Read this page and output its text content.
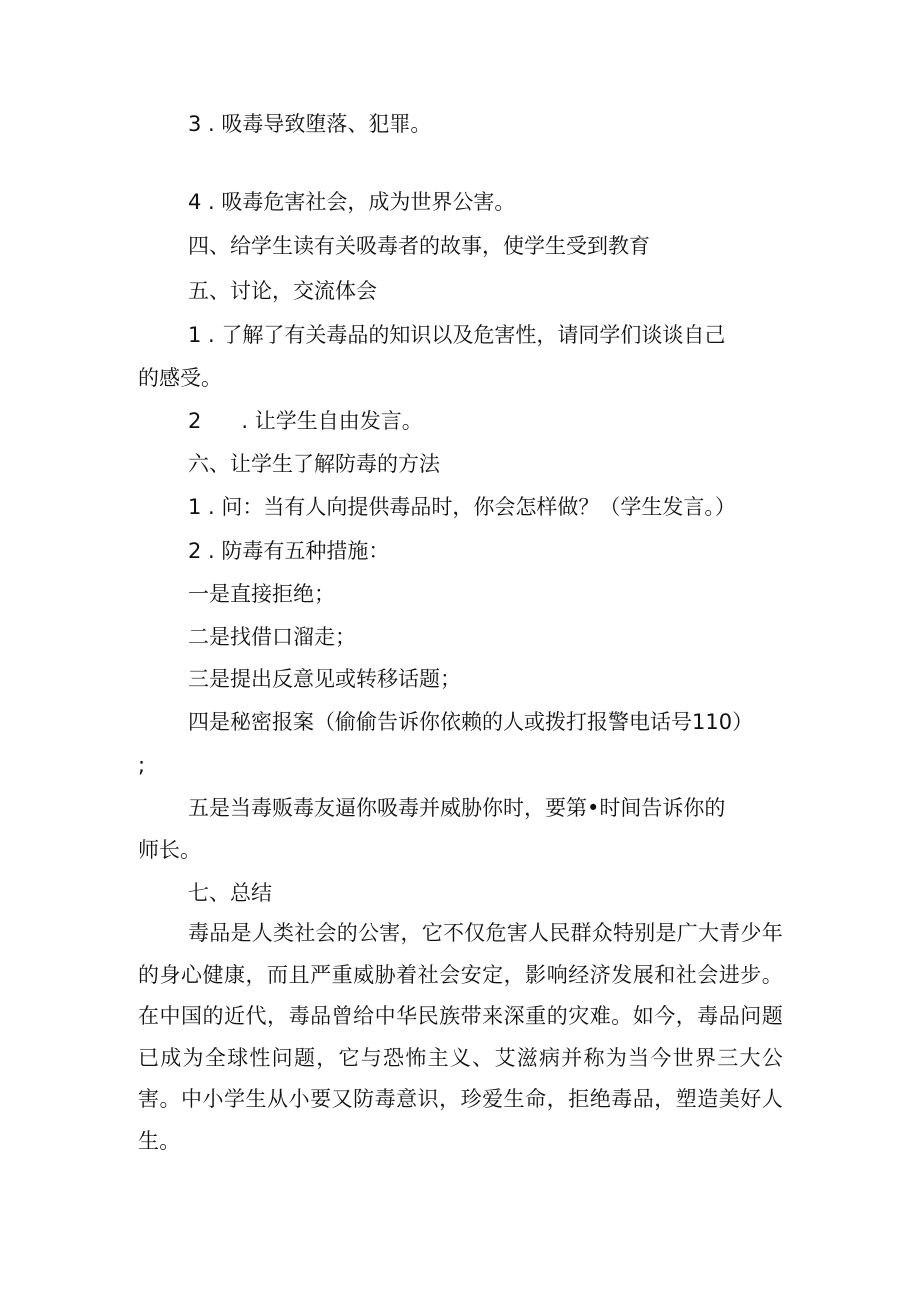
3 . 吸毒导致堕落、犯罪。

4 . 吸毒危害社会，成为世界公害。

四、给学生读有关吸毒者的故事，使学生受到教育

五、讨论，交流体会

1 . 了解了有关毒品的知识以及危害性，请同学们谈谈自己

的感受。

2 . 让学生自由发言。

六、让学生了解防毒的方法

1 . 问：当有人向提供毒品时，你会怎样做？（学生发言。）

2 . 防毒有五种措施：

一是直接拒绝；

二是找借口溜走；

三是提出反意见或转移话题；

四是秘密报案（偷偷告诉你依赖的人或拨打报警电话号110）

;

五是当毒贩毒友逼你吸毒并威胁你时，要第•时间告诉你的

师长。

七、总结

毒品是人类社会的公害，它不仅危害人民群众特别是广大青少年的身心健康，而且严重威胁着社会安定，影响经济发展和社会进步。在中国的近代，毒品曾给中华民族带来深重的灾难。如今，毒品问题已成为全球性问题，它与恐怖主义、艾滋病并称为当今世界三大公害。中小学生从小要又防毒意识，珍爱生命，拒绝毒品，塑造美好人生。
